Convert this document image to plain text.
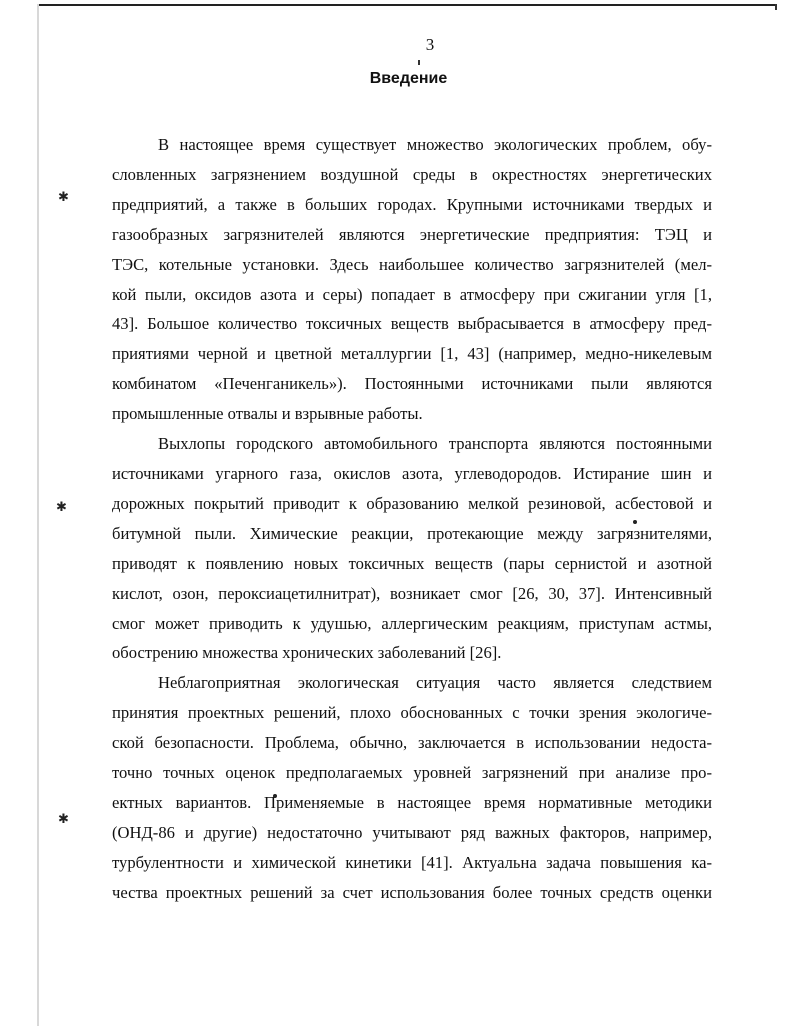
3
Введение
✱
✱
✱

В настоящее время существует множество экологических проблем, обу-
словленных загрязнением воздушной среды в окрестностях энергетических
предприятий, а также в больших городах. Крупными источниками твердых и
газообразных загрязнителей являются энергетические предприятия: ТЭЦ и
ТЭС, котельные установки. Здесь наибольшее количество загрязнителей (мел-
кой пыли, оксидов азота и серы) попадает в атмосферу при сжигании угля [1,
43]. Большое количество токсичных веществ выбрасывается в атмосферу пред-
приятиями черной и цветной металлургии [1, 43] (например, медно-никелевым
комбинатом «Печенганикель»). Постоянными источниками пыли являются
промышленные отвалы и взрывные работы.

Выхлопы городского автомобильного транспорта являются постоянными
источниками угарного газа, окислов азота, углеводородов. Истирание шин и
дорожных покрытий приводит к образованию мелкой резиновой, асбестовой и
битумной пыли. Химические реакции, протекающие между загрязнителями,
приводят к появлению новых токсичных веществ (пары сернистой и азотной
кислот, озон, пероксиацетилнитрат), возникает смог [26, 30, 37]. Интенсивный
смог может приводить к удушью, аллергическим реакциям, приступам астмы,
обострению множества хронических заболеваний [26].

Неблагоприятная экологическая ситуация часто является следствием
принятия проектных решений, плохо обоснованных с точки зрения экологиче-
ской безопасности. Проблема, обычно, заключается в использовании недоста-
точно точных оценок предполагаемых уровней загрязнений при анализе про-
ектных вариантов. Применяемые в настоящее время нормативные методики
(ОНД-86 и другие) недостаточно учитывают ряд важных факторов, например,
турбулентности и химической кинетики [41]. Актуальна задача повышения ка-
чества проектных решений за счет использования более точных средств оценки
